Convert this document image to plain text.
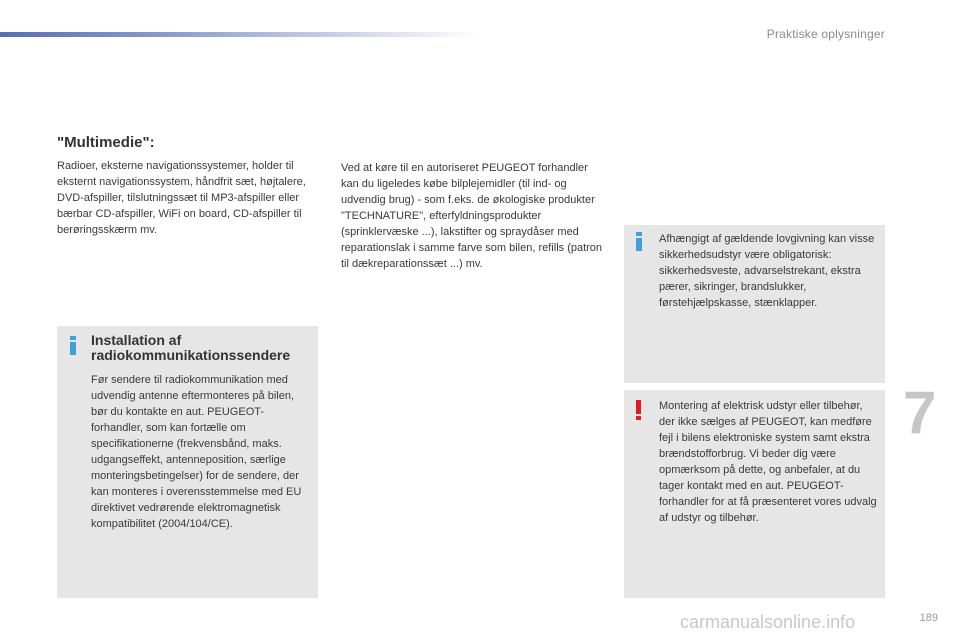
Praktiske oplysninger
"Multimedie":
Radioer, eksterne navigationssystemer, holder til eksternt navigationssystem, håndfrit sæt, højtalere, DVD-afspiller, tilslutningssæt til MP3-afspiller eller bærbar CD-afspiller, WiFi on board, CD-afspiller til berøringsskærm mv.
Ved at køre til en autoriseret PEUGEOT forhandler kan du ligeledes købe bilplejemidler (til ind- og udvendig brug) - som f.eks. de økologiske produkter "TECHNATURE", efterfyldningsprodukter (sprinklervæske ...), lakstifter og spraydåser med reparationslak i samme farve som bilen, refills (patron til dækreparationssæt ...) mv.
Installation af radiokommunikationssendere
Før sendere til radiokommunikation med udvendig antenne eftermonteres på bilen, bør du kontakte en aut. PEUGEOT-forhandler, som kan fortælle om specifikationerne (frekvensbånd, maks. udgangseffekt, antenneposition, særlige monteringsbetingelser) for de sendere, der kan monteres i overensstemmelse med EU direktivet vedrørende elektromagnetisk kompatibilitet (2004/104/CE).
Afhængigt af gældende lovgivning kan visse sikkerhedsudstyr være obligatorisk: sikkerhedsveste, advarselstrekant, ekstra pærer, sikringer, brandslukker, førstehjælpskasse, stænklapper.
Montering af elektrisk udstyr eller tilbehør, der ikke sælges af PEUGEOT, kan medføre fejl i bilens elektroniske system samt ekstra brændstofforbrug. Vi beder dig være opmærksom på dette, og anbefaler, at du tager kontakt med en aut. PEUGEOT-forhandler for at få præsenteret vores udvalg af udstyr og tilbehør.
7
carmanualsonline.info	189
